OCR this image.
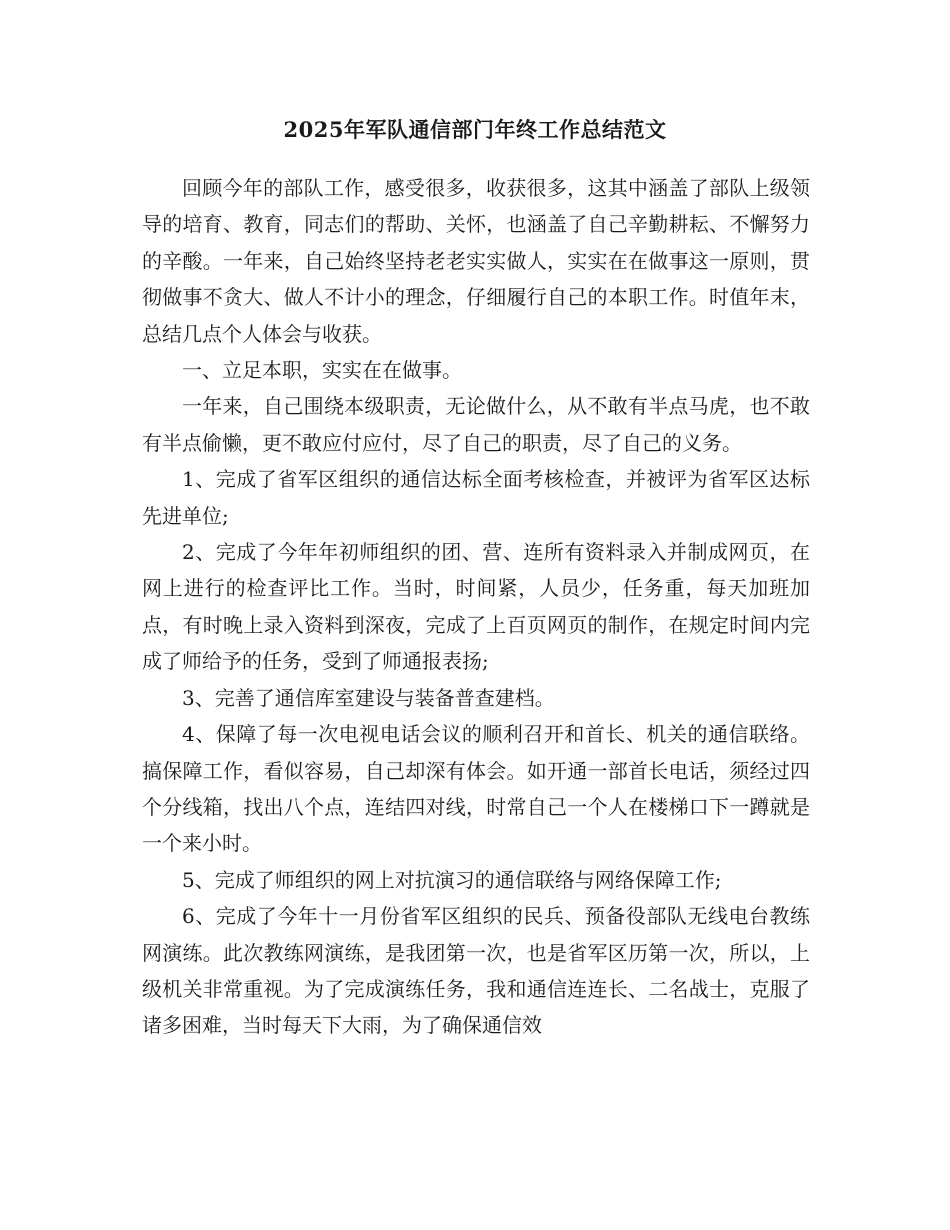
2025年军队通信部门年终工作总结范文

回顾今年的部队工作，感受很多，收获很多，这其中涵盖了部队上级领导的培育、教育，同志们的帮助、关怀，也涵盖了自己辛勤耕耘、不懈努力的辛酸。一年来，自己始终坚持老老实实做人，实实在在做事这一原则，贯彻做事不贪大、做人不计小的理念，仔细履行自己的本职工作。时值年末，总结几点个人体会与收获。

一、立足本职，实实在在做事。

一年来，自己围绕本级职责，无论做什么，从不敢有半点马虎，也不敢有半点偷懒，更不敢应付应付，尽了自己的职责，尽了自己的义务。

1、完成了省军区组织的通信达标全面考核检查，并被评为省军区达标先进单位;

2、完成了今年年初师组织的团、营、连所有资料录入并制成网页，在网上进行的检查评比工作。当时，时间紧，人员少，任务重，每天加班加点，有时晚上录入资料到深夜，完成了上百页网页的制作，在规定时间内完成了师给予的任务，受到了师通报表扬;

3、完善了通信库室建设与装备普查建档。

4、保障了每一次电视电话会议的顺利召开和首长、机关的通信联络。搞保障工作，看似容易，自己却深有体会。如开通一部首长电话，须经过四个分线箱，找出八个点，连结四对线，时常自己一个人在楼梯口下一蹲就是一个来小时。

5、完成了师组织的网上对抗演习的通信联络与网络保障工作;

6、完成了今年十一月份省军区组织的民兵、预备役部队无线电台教练网演练。此次教练网演练，是我团第一次，也是省军区历第一次，所以，上级机关非常重视。为了完成演练任务，我和通信连连长、二名战士，克服了诸多困难，当时每天下大雨，为了确保通信效
